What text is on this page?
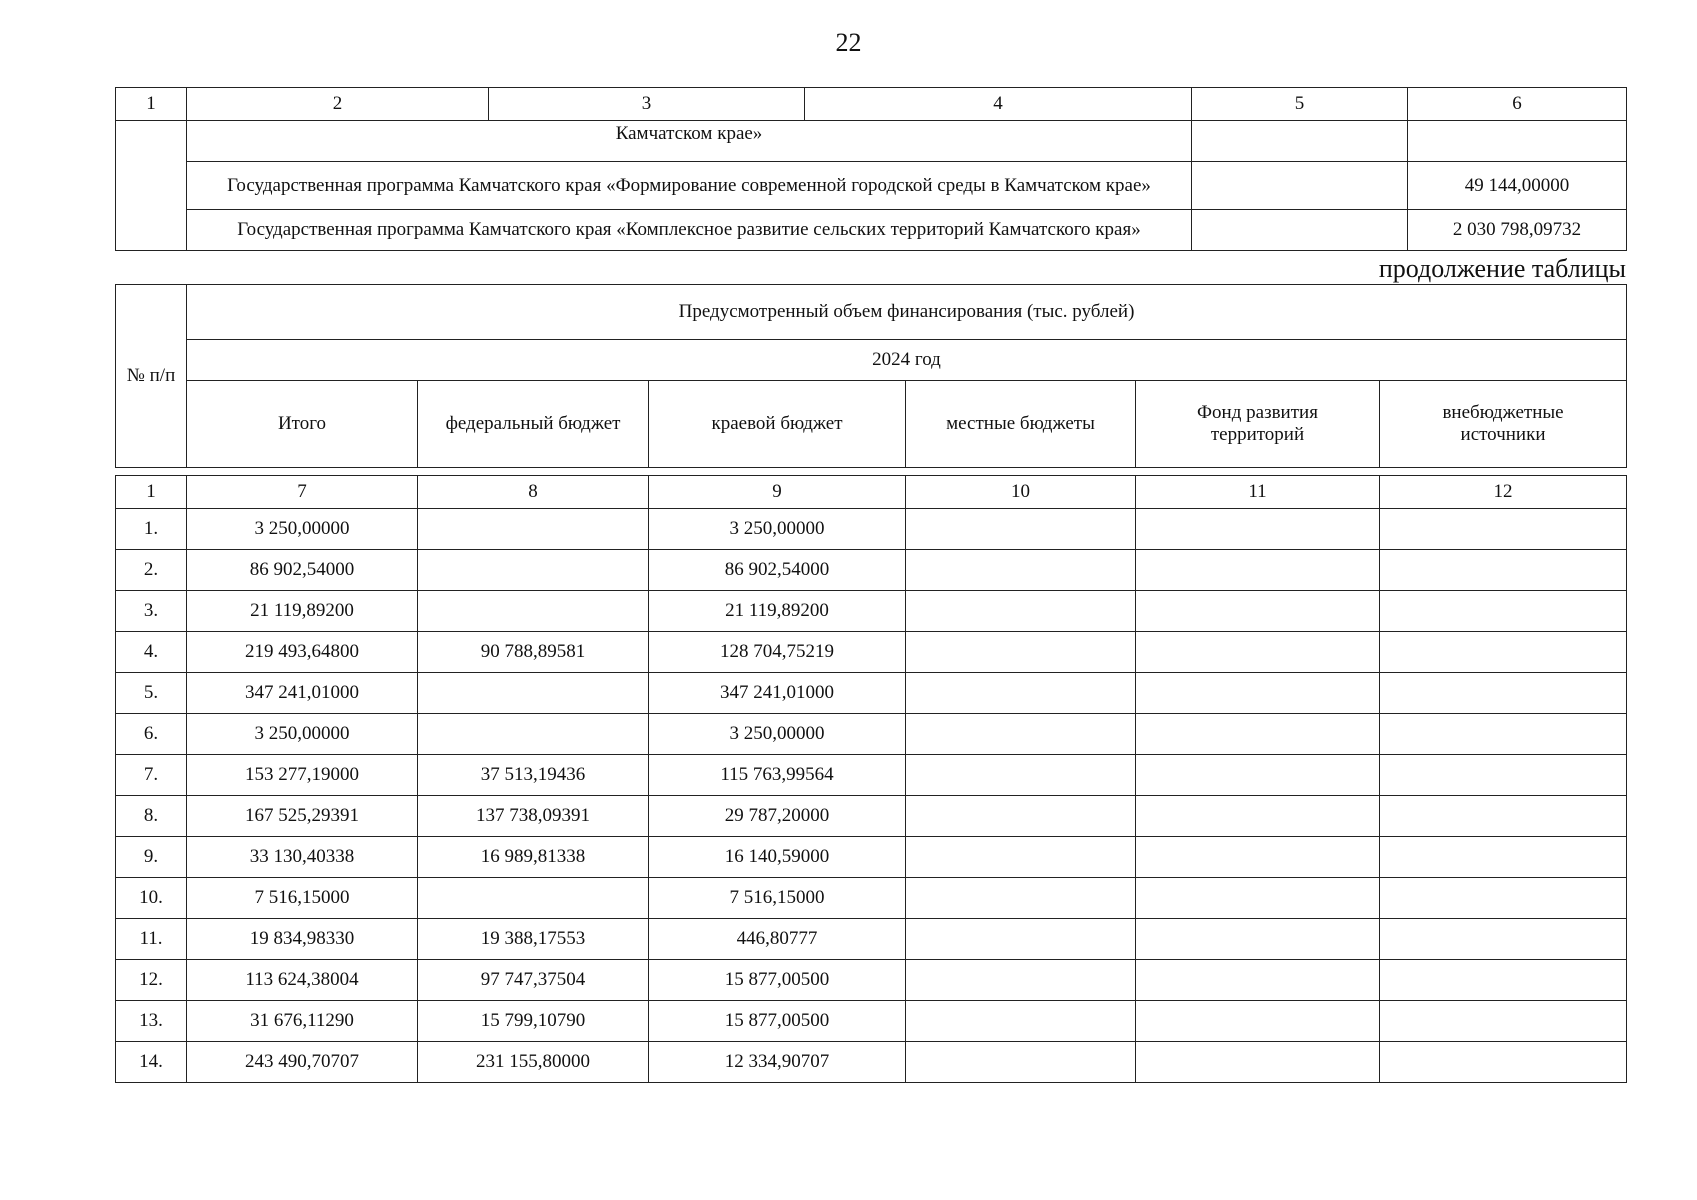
22
1	2	3	4	5	6
	Камчатском крае»				
	Государственная программа Камчатского края «Формирование современной городской среды в Камчатском крае»				49 144,00000
	Государственная программа Камчатского края «Комплексное развитие сельских территорий Камчатского края»				2 030 798,09732
продолжение таблицы
№ п/п	Предусмотренный объем финансирования (тыс. рублей)					
	2024 год					
	Итого	федеральный бюджет	краевой бюджет	местные бюджеты	Фонд развития территорий	внебюджетные источники
1	7	8	9	10	11	12
1.	3 250,00000		3 250,00000			
2.	86 902,54000		86 902,54000			
3.	21 119,89200		21 119,89200			
4.	219 493,64800	90 788,89581	128 704,75219			
5.	347 241,01000		347 241,01000			
6.	3 250,00000		3 250,00000			
7.	153 277,19000	37 513,19436	115 763,99564			
8.	167 525,29391	137 738,09391	29 787,20000			
9.	33 130,40338	16 989,81338	16 140,59000			
10.	7 516,15000		7 516,15000			
11.	19 834,98330	19 388,17553	446,80777			
12.	113 624,38004	97 747,37504	15 877,00500			
13.	31 676,11290	15 799,10790	15 877,00500			
14.	243 490,70707	231 155,80000	12 334,90707			
